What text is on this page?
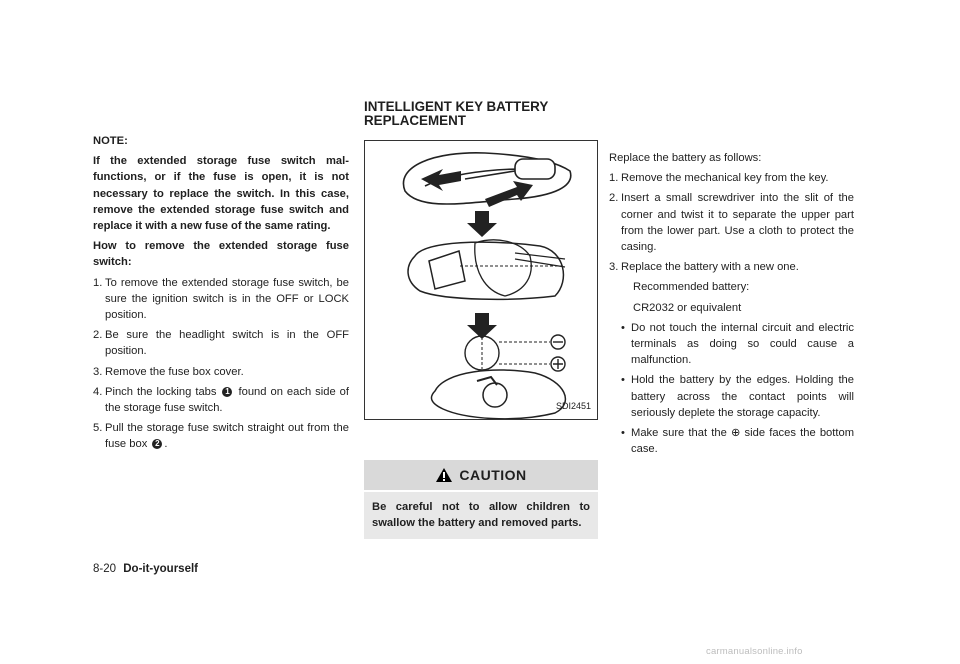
NOTE:
If the extended storage fuse switch mal-functions, or if the fuse is open, it is not necessary to replace the switch. In this case, remove the extended storage fuse switch and replace it with a new fuse of the same rating.
How to remove the extended storage fuse switch:
1. To remove the extended storage fuse switch, be sure the ignition switch is in the OFF or LOCK position.
2. Be sure the headlight switch is in the OFF position.
3. Remove the fuse box cover.
4. Pinch the locking tabs 1 found on each side of the storage fuse switch.
5. Pull the storage fuse switch straight out from the fuse box 2 .
INTELLIGENT KEY BATTERY
REPLACEMENT
SDI2451
CAUTION
Be careful not to allow children to swallow the battery and removed parts.
Replace the battery as follows:
1. Remove the mechanical key from the key.
2. Insert a small screwdriver into the slit of the corner and twist it to separate the upper part from the lower part. Use a cloth to protect the casing.
3. Replace the battery with a new one.
Recommended battery:
CR2032 or equivalent
• Do not touch the internal circuit and electric terminals as doing so could cause a malfunction.
• Hold the battery by the edges. Holding the battery across the contact points will seriously deplete the storage capacity.
• Make sure that the ⊕ side faces the bottom case.
8-20 Do-it-yourself
carmanualsonline.info
